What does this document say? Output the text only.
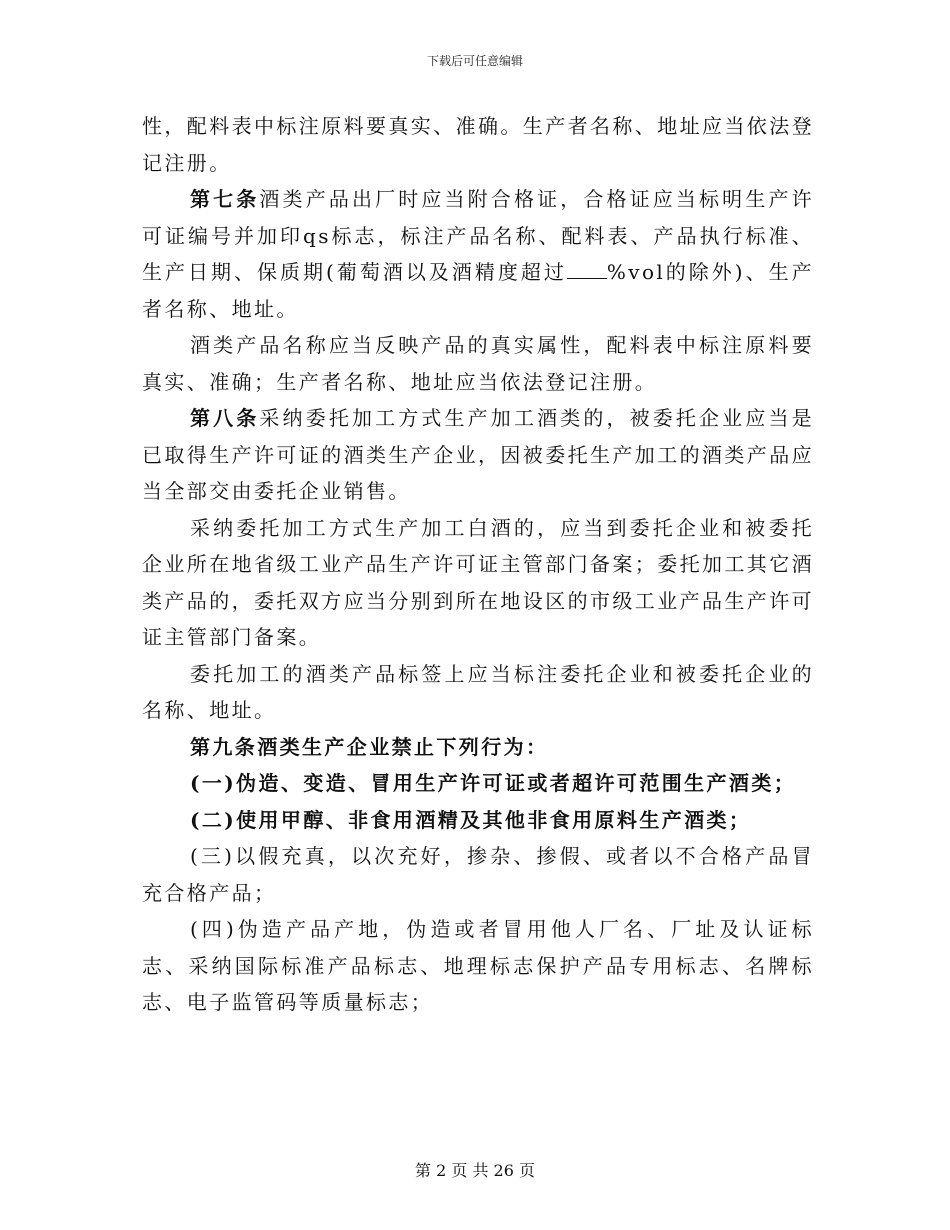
下载后可任意编辑

性，配料表中标注原料要真实、准确。生产者名称、地址应当依法登记注册。

第七条酒类产品出厂时应当附合格证，合格证应当标明生产许可证编号并加印qs标志，标注产品名称、配料表、产品执行标准、生产日期、保质期(葡萄酒以及酒精度超过 %vol的除外)、生产者名称、地址。

酒类产品名称应当反映产品的真实属性，配料表中标注原料要真实、准确；生产者名称、地址应当依法登记注册。

第八条采纳委托加工方式生产加工酒类的，被委托企业应当是已取得生产许可证的酒类生产企业，因被委托生产加工的酒类产品应当全部交由委托企业销售。

采纳委托加工方式生产加工白酒的，应当到委托企业和被委托企业所在地省级工业产品生产许可证主管部门备案；委托加工其它酒类产品的，委托双方应当分别到所在地设区的市级工业产品生产许可证主管部门备案。

委托加工的酒类产品标签上应当标注委托企业和被委托企业的名称、地址。

第九条酒类生产企业禁止下列行为：

(一)伪造、变造、冒用生产许可证或者超许可范围生产酒类；

(二)使用甲醇、非食用酒精及其他非食用原料生产酒类；

(三)以假充真，以次充好，掺杂、掺假、或者以不合格产品冒充合格产品；

(四)伪造产品产地，伪造或者冒用他人厂名、厂址及认证标志、采纳国际标准产品标志、地理标志保护产品专用标志、名牌标志、电子监管码等质量标志；

第 2 页 共 26 页
